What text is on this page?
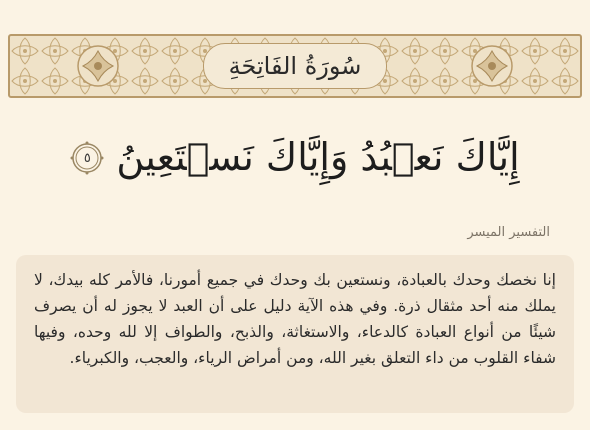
سُورَةُ الفَاتِحَةِ
إِيَّاكَ نَعۡبُدُ وَإِيَّاكَ نَسۡتَعِينُ
٥
التفسير الميسر

إنا نخصك وحدك بالعبادة، ونستعين بك وحدك في جميع أمورنا، فالأمر كله بيدك، لا يملك منه أحد مثقال ذرة. وفي هذه الآية دليل على أن العبد لا يجوز له أن يصرف شيئًا من أنواع العبادة كالدعاء، والاستغاثة، والذبح، والطواف إلا لله وحده، وفيها شفاء القلوب من داء التعلق بغير الله، ومن أمراض الرياء، والعجب، والكبرياء.
